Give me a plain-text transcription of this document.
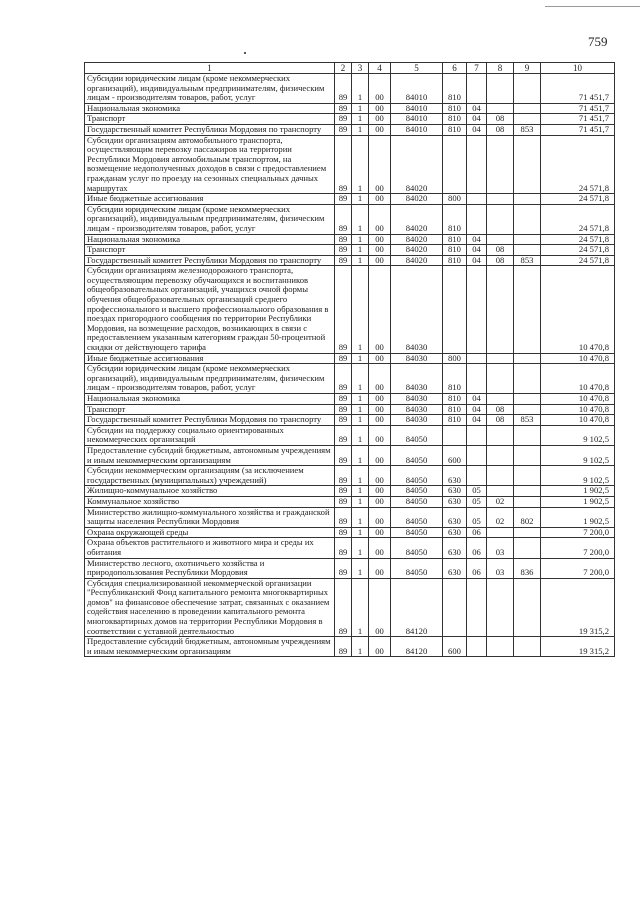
759
1	2	3	4	5	6	7	8	9	10
Субсидии юридическим лицам (кроме некоммерческих организаций), индивидуальным предпринимателям, физическим лицам - производителям товаров, работ, услуг	89	1	00	84010	810				71 451,7
Национальная экономика	89	1	00	84010	810	04			71 451,7
Транспорт	89	1	00	84010	810	04	08		71 451,7
Государственный комитет Республики Мордовия по транспорту	89	1	00	84010	810	04	08	853	71 451,7
Субсидии организациям автомобильного транспорта, осуществляющим перевозку пассажиров на территории Республики Мордовия автомобильным транспортом, на возмещение недополученных доходов в связи с предоставлением гражданам услуг по проезду на сезонных специальных дачных маршрутах	89	1	00	84020					24 571,8
Иные бюджетные ассигнования	89	1	00	84020	800				24 571,8
Субсидии юридическим лицам (кроме некоммерческих организаций), индивидуальным предпринимателям, физическим лицам - производителям товаров, работ, услуг	89	1	00	84020	810				24 571,8
Национальная экономика	89	1	00	84020	810	04			24 571,8
Транспорт	89	1	00	84020	810	04	08		24 571,8
Государственный комитет Республики Мордовия по транспорту	89	1	00	84020	810	04	08	853	24 571,8
Субсидии организациям железнодорожного транспорта, осуществляющим перевозку обучающихся и воспитанников общеобразовательных организаций, учащихся очной формы обучения общеобразовательных организаций среднего профессионального и высшего профессионального образования в поездах пригородного сообщения по территории Республики Мордовия, на возмещение расходов, возникающих в связи с предоставлением указанным категориям граждан 50-процентной скидки от действующего тарифа	89	1	00	84030					10 470,8
Иные бюджетные ассигнования	89	1	00	84030	800				10 470,8
Субсидии юридическим лицам (кроме некоммерческих организаций), индивидуальным предпринимателям, физическим лицам - производителям товаров, работ, услуг	89	1	00	84030	810				10 470,8
Национальная экономика	89	1	00	84030	810	04			10 470,8
Транспорт	89	1	00	84030	810	04	08		10 470,8
Государственный комитет Республики Мордовия по транспорту	89	1	00	84030	810	04	08	853	10 470,8
Субсидии на поддержку социально ориентированных некоммерческих организаций	89	1	00	84050					9 102,5
Предоставление субсидий бюджетным, автономным учреждениям и иным некоммерческим организациям	89	1	00	84050	600				9 102,5
Субсидии некоммерческим организациям (за исключением государственных (муниципальных) учреждений)	89	1	00	84050	630				9 102,5
Жилищно-коммунальное хозяйство	89	1	00	84050	630	05			1 902,5
Коммунальное хозяйство	89	1	00	84050	630	05	02		1 902,5
Министерство жилищно-коммунального хозяйства и гражданской защиты населения Республики Мордовия	89	1	00	84050	630	05	02	802	1 902,5
Охрана окружающей среды	89	1	00	84050	630	06			7 200,0
Охрана объектов растительного и животного мира и среды их обитания	89	1	00	84050	630	06	03		7 200,0
Министерство лесного, охотничьего хозяйства и природопользования Республики Мордовия	89	1	00	84050	630	06	03	836	7 200,0
Субсидия специализированной некоммерческой организации "Республиканский Фонд капитального ремонта многоквартирных домов" на финансовое обеспечение затрат, связанных с оказанием содействия населению в проведении капитального ремонта многоквартирных домов на территории Республики Мордовия в соответствии с уставной деятельностью	89	1	00	84120					19 315,2
Предоставление субсидий бюджетным, автономным учреждениям и иным некоммерческим организациям	89	1	00	84120	600				19 315,2
